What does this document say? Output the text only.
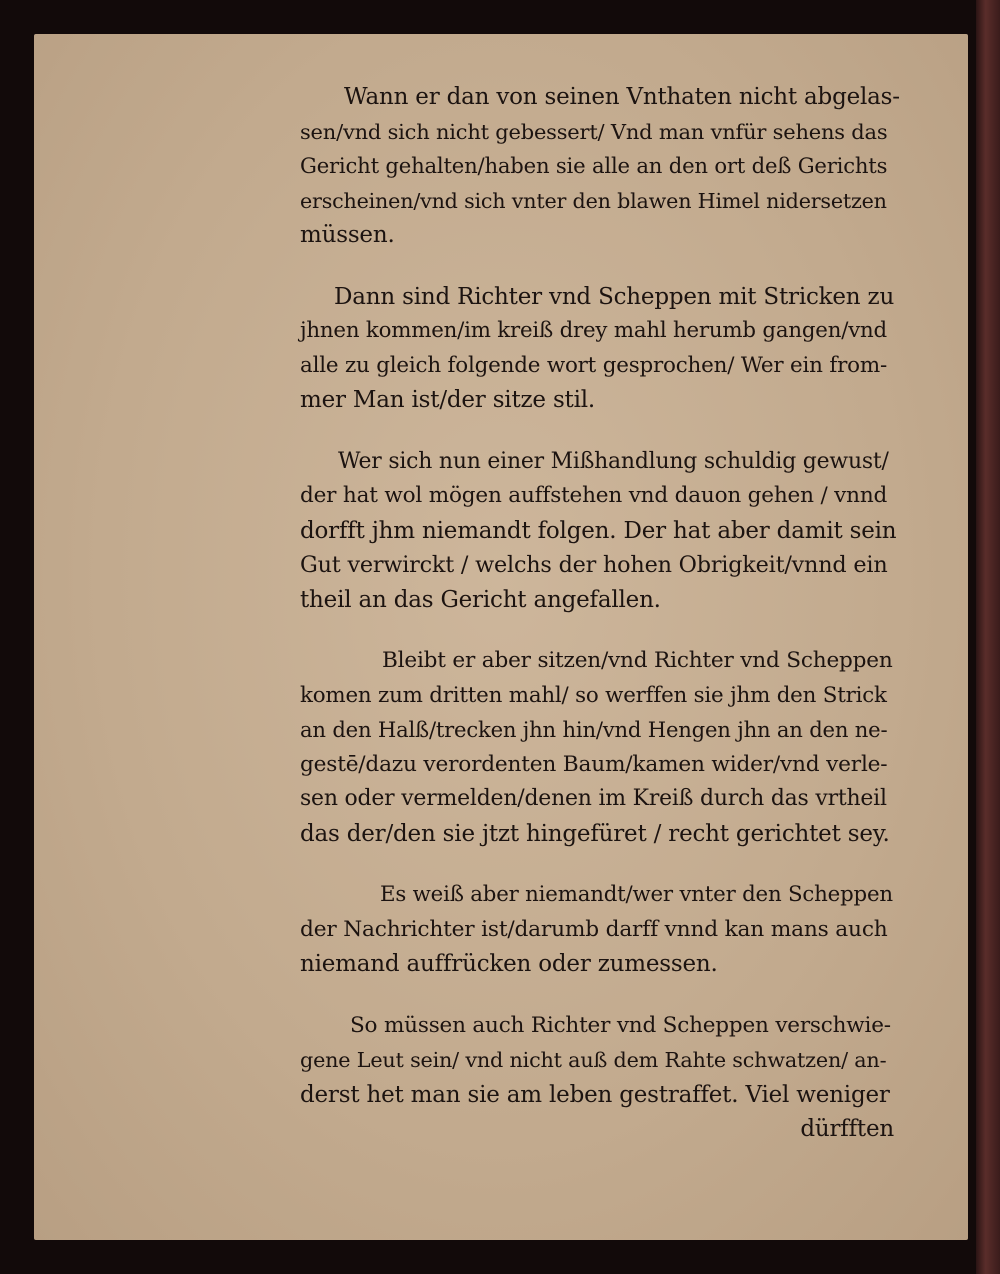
Wann er dan von seinen Vnthaten nicht abgelas-
sen/vnd sich nicht gebessert/ Vnd man vnfür sehens das
Gericht gehalten/haben sie alle an den ort deß Gerichts
erscheinen/vnd sich vnter den blawen Himel nidersetzen
müssen.
Dann sind Richter vnd Scheppen mit Stricken zu
jhnen kommen/im kreiß drey mahl herumb gangen/vnd
alle zu gleich folgende wort gesprochen/ Wer ein from-
mer Man ist/der sitze stil.
Wer sich nun einer Mißhandlung schuldig gewust/
der hat wol mögen auffstehen vnd dauon gehen / vnnd
dorfft jhm niemandt folgen. Der hat aber damit sein
Gut verwirckt / welchs der hohen Obrigkeit/vnnd ein
theil an das Gericht angefallen.
Bleibt er aber sitzen/vnd Richter vnd Scheppen
komen zum dritten mahl/ so werffen sie jhm den Strick
an den Halß/trecken jhn hin/vnd Hengen jhn an den ne-
gestē/dazu verordenten Baum/kamen wider/vnd verle-
sen oder vermelden/denen im Kreiß durch das vrtheil
das der/den sie jtzt hingefüret / recht gerichtet sey.
Es weiß aber niemandt/wer vnter den Scheppen
der Nachrichter ist/darumb darff vnnd kan mans auch
niemand auffrücken oder zumessen.
So müssen auch Richter vnd Scheppen verschwie-
gene Leut sein/ vnd nicht auß dem Rahte schwatzen/ an-
derst het man sie am leben gestraffet. Viel weniger
dürfften
